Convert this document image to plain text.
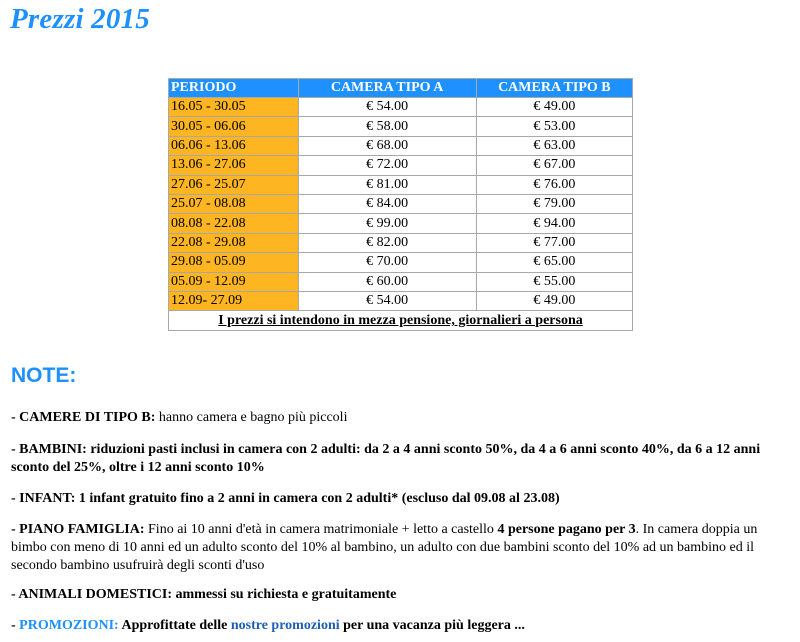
Prezzi 2015
PERIODO	CAMERA TIPO A	CAMERA TIPO B
16.05 - 30.05	€ 54.00	€ 49.00
30.05 - 06.06	€ 58.00	€ 53.00
06.06 - 13.06	€ 68.00	€ 63.00
13.06 - 27.06	€ 72.00	€ 67.00
27.06 - 25.07	€ 81.00	€ 76.00
25.07 - 08.08	€ 84.00	€ 79.00
08.08 - 22.08	€ 99.00	€ 94.00
22.08 - 29.08	€ 82.00	€ 77.00
29.08 - 05.09	€ 70.00	€ 65.00
05.09 - 12.09	€ 60.00	€ 55.00
12.09- 27.09	€ 54.00	€ 49.00
I prezzi si intendono in mezza pensione, giornalieri a persona		
NOTE:

- CAMERE DI TIPO B: hanno camera e bagno più piccoli

- BAMBINI: riduzioni pasti inclusi in camera con 2 adulti: da 2 a 4 anni sconto 50%, da 4 a 6 anni sconto 40%, da 6 a 12 anni sconto del 25%, oltre i 12 anni sconto 10%

- INFANT: 1 infant gratuito fino a 2 anni in camera con 2 adulti* (escluso dal 09.08 al 23.08)

- PIANO FAMIGLIA: Fino ai 10 anni d'età in camera matrimoniale + letto a castello 4 persone pagano per 3. In camera doppia un bimbo con meno di 10 anni ed un adulto sconto del 10% al bambino, un adulto con due bambini sconto del 10% ad un bambino ed il secondo bambino usufruirà degli sconti d'uso

- ANIMALI DOMESTICI: ammessi su richiesta e gratuitamente

- PROMOZIONI: Approfittate delle nostre promozioni per una vacanza più leggera ...
